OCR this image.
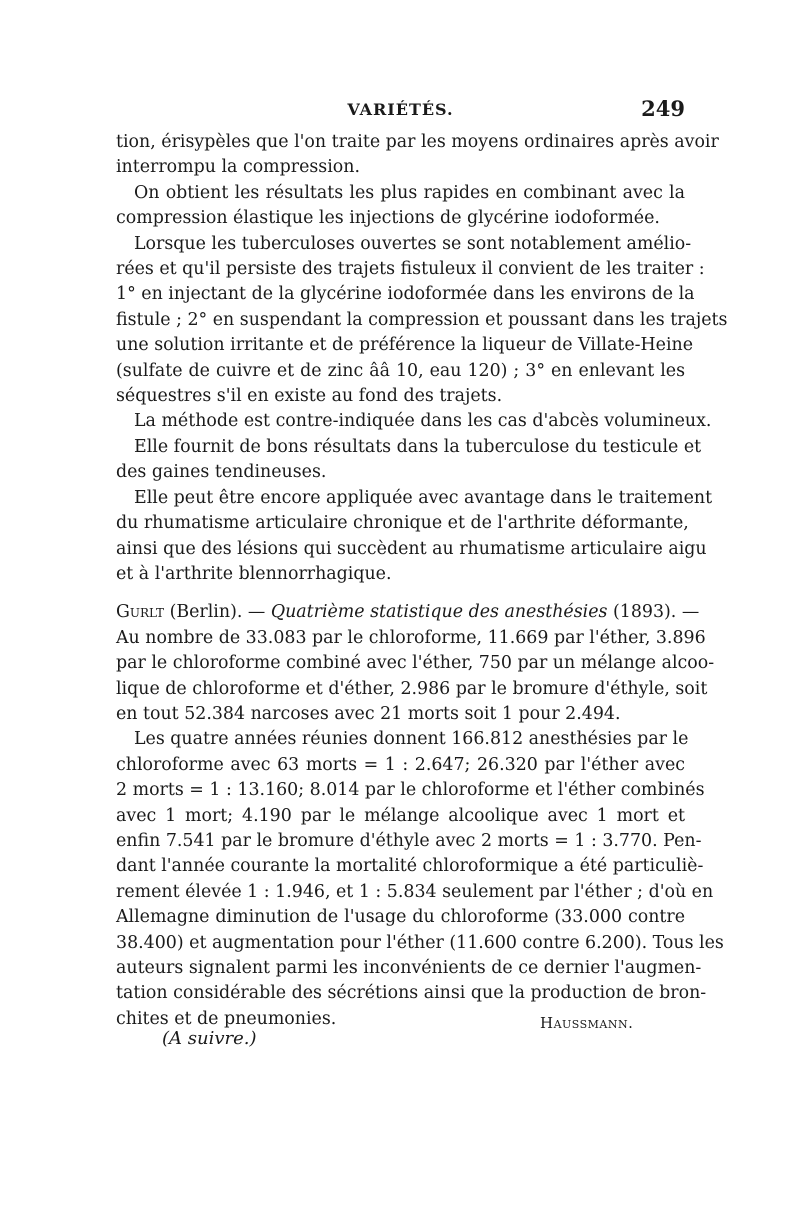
VARIÉTÉS.	249
tion, érisypèles que l'on traite par les moyens ordinaires après avoir
interrompu la compression.
On obtient les résultats les plus rapides en combinant avec la
compression élastique les injections de glycérine iodoformée.
Lorsque les tuberculoses ouvertes se sont notablement amélio-
rées et qu'il persiste des trajets fistuleux il convient de les traiter :
1° en injectant de la glycérine iodoformée dans les environs de la
fistule ; 2° en suspendant la compression et poussant dans les trajets
une solution irritante et de préférence la liqueur de Villate-Heine
(sulfate de cuivre et de zinc ââ 10, eau 120) ; 3° en enlevant les
séquestres s'il en existe au fond des trajets.
La méthode est contre-indiquée dans les cas d'abcès volumineux.
Elle fournit de bons résultats dans la tuberculose du testicule et
des gaines tendineuses.
Elle peut être encore appliquée avec avantage dans le traitement
du rhumatisme articulaire chronique et de l'arthrite déformante,
ainsi que des lésions qui succèdent au rhumatisme articulaire aigu
et à l'arthrite blennorrhagique.
Gurlt (Berlin). — Quatrième statistique des anesthésies (1893). —
Au nombre de 33.083 par le chloroforme, 11.669 par l'éther, 3.896
par le chloroforme combiné avec l'éther, 750 par un mélange alcoo-
lique de chloroforme et d'éther, 2.986 par le bromure d'éthyle, soit
en tout 52.384 narcoses avec 21 morts soit 1 pour 2.494.
Les quatre années réunies donnent 166.812 anesthésies par le
chloroforme avec 63 morts = 1 : 2.647; 26.320 par l'éther avec
2 morts = 1 : 13.160; 8.014 par le chloroforme et l'éther combinés
avec 1 mort; 4.190 par le mélange alcoolique avec 1 mort et
enfin 7.541 par le bromure d'éthyle avec 2 morts = 1 : 3.770. Pen-
dant l'année courante la mortalité chloroformique a été particuliè-
rement élevée 1 : 1.946, et 1 : 5.834 seulement par l'éther ; d'où en
Allemagne diminution de l'usage du chloroforme (33.000 contre
38.400) et augmentation pour l'éther (11.600 contre 6.200). Tous les
auteurs signalent parmi les inconvénients de ce dernier l'augmen-
tation considérable des sécrétions ainsi que la production de bron-
chites et de pneumonies.	Haussmann.
(A suivre.)
